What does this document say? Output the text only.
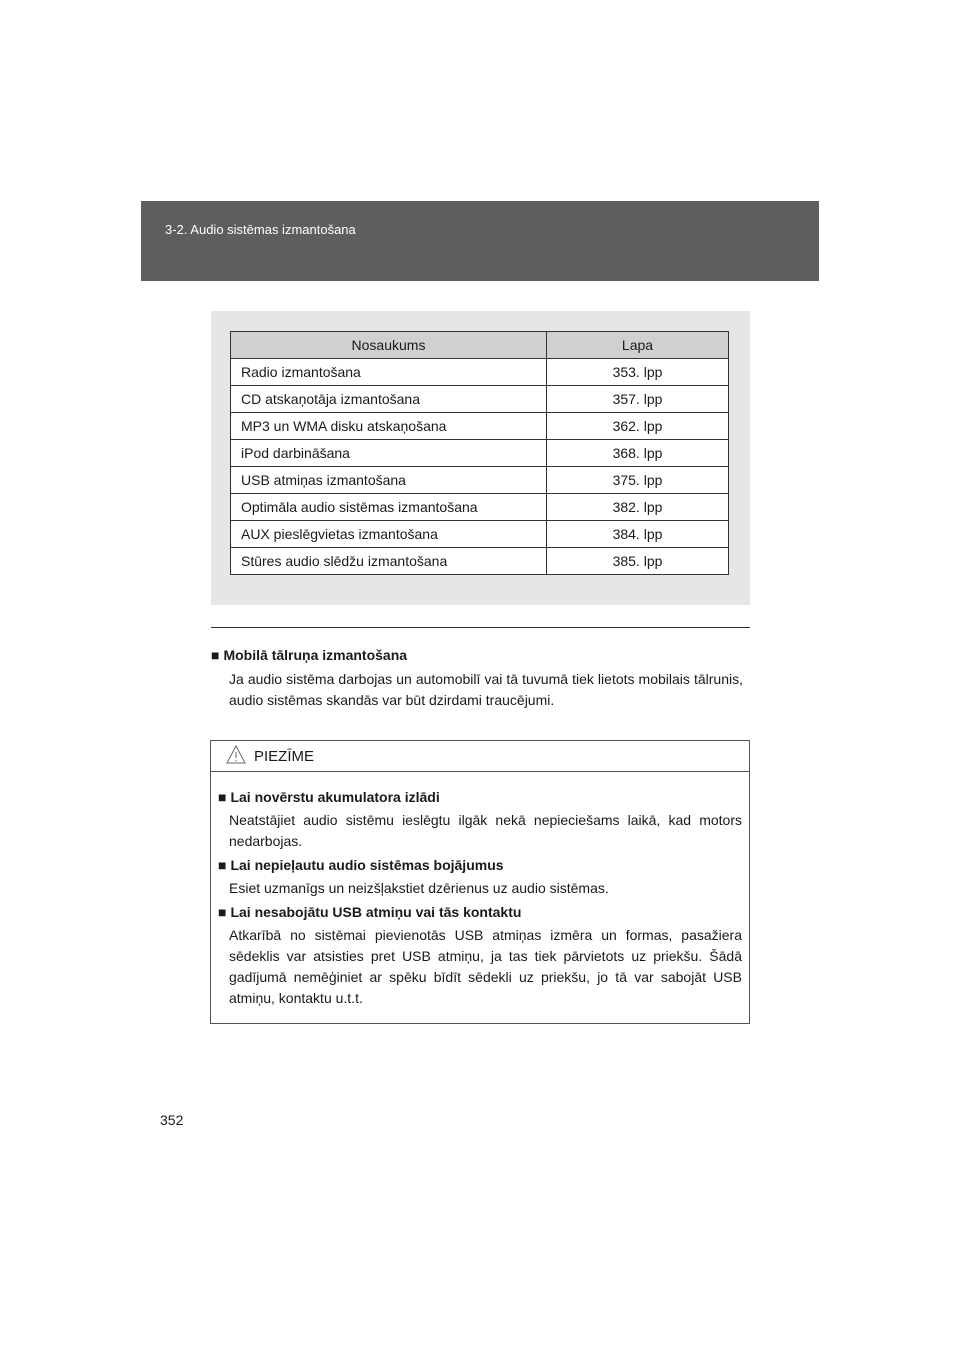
3-2. Audio sistēmas izmantošana
Nosaukums	Lapa
Radio izmantošana	353. lpp
CD atskaņotāja izmantošana	357. lpp
MP3 un WMA disku atskaņošana	362. lpp
iPod darbināšana	368. lpp
USB atmiņas izmantošana	375. lpp
Optimāla audio sistēmas izmantošana	382. lpp
AUX pieslēgvietas izmantošana	384. lpp
Stūres audio slēdžu izmantošana	385. lpp
■ Mobilā tālruņa izmantošana
Ja audio sistēma darbojas un automobilī vai tā tuvumā tiek lietots mobilais tālrunis, audio sistēmas skandās var būt dzirdami traucējumi.
PIEZĪME
■ Lai novērstu akumulatora izlādi
Neatstājiet audio sistēmu ieslēgtu ilgāk nekā nepieciešams laikā, kad motors nedarbojas.
■ Lai nepieļautu audio sistēmas bojājumus
Esiet uzmanīgs un neizšļakstiet dzērienus uz audio sistēmas.
■ Lai nesabojātu USB atmiņu vai tās kontaktu
Atkarībā no sistēmai pievienotās USB atmiņas izmēra un formas, pasažiera sēdeklis var atsisties pret USB atmiņu, ja tas tiek pārvietots uz priekšu. Šādā gadījumā nemēģiniet ar spēku bīdīt sēdekli uz priekšu, jo tā var sabojāt USB atmiņu, kontaktu u.t.t.
352
